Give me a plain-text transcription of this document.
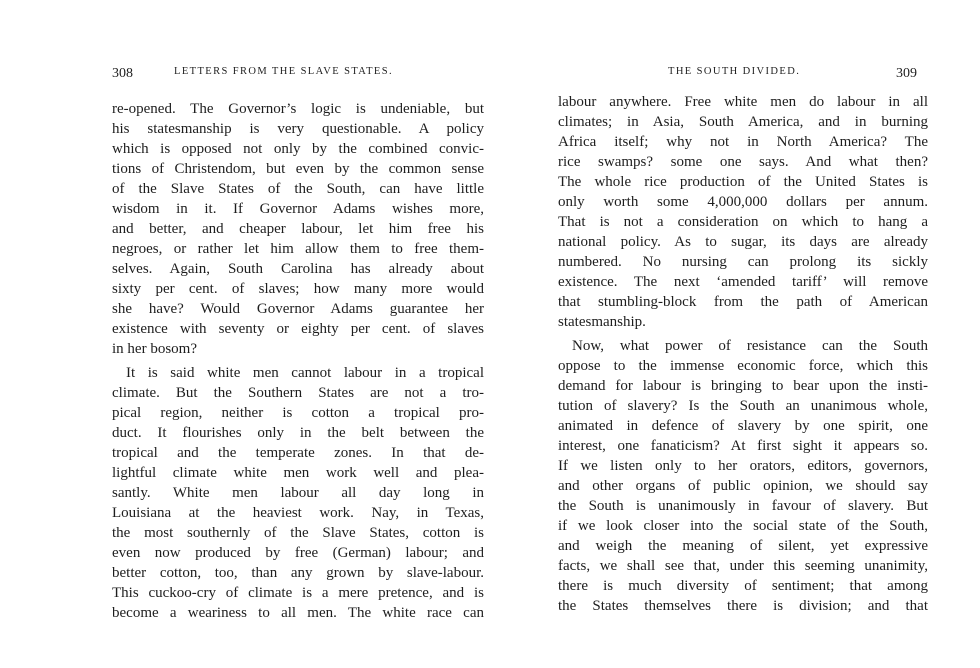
308	LETTERS FROM THE SLAVE STATES.
re-opened. The Governor’s logic is undeniable, but
his statesmanship is very questionable. A policy
which is opposed not only by the combined convic-
tions of Christendom, but even by the common sense
of the Slave States of the South, can have little
wisdom in it. If Governor Adams wishes more,
and better, and cheaper labour, let him free his
negroes, or rather let him allow them to free them-
selves. Again, South Carolina has already about
sixty per cent. of slaves; how many more would
she have? Would Governor Adams guarantee her
existence with seventy or eighty per cent. of slaves
in her bosom?
It is said white men cannot labour in a tropical
climate. But the Southern States are not a tro-
pical region, neither is cotton a tropical pro-
duct. It flourishes only in the belt between the
tropical and the temperate zones. In that de-
lightful climate white men work well and plea-
santly. White men labour all day long in
Louisiana at the heaviest work. Nay, in Texas,
the most southernly of the Slave States, cotton is
even now produced by free (German) labour; and
better cotton, too, than any grown by slave-labour.
This cuckoo-cry of climate is a mere pretence, and is
become a weariness to all men. The white race can
THE SOUTH DIVIDED.	309
labour anywhere. Free white men do labour in all
climates; in Asia, South America, and in burning
Africa itself; why not in North America? The
rice swamps? some one says. And what then?
The whole rice production of the United States is
only worth some 4,000,000 dollars per annum.
That is not a consideration on which to hang a
national policy. As to sugar, its days are already
numbered. No nursing can prolong its sickly
existence. The next ‘amended tariff’ will remove
that stumbling-block from the path of American
statesmanship.
Now, what power of resistance can the South
oppose to the immense economic force, which this
demand for labour is bringing to bear upon the insti-
tution of slavery? Is the South an unanimous whole,
animated in defence of slavery by one spirit, one
interest, one fanaticism? At first sight it appears so.
If we listen only to her orators, editors, governors,
and other organs of public opinion, we should say
the South is unanimously in favour of slavery. But
if we look closer into the social state of the South,
and weigh the meaning of silent, yet expressive
facts, we shall see that, under this seeming unanimity,
there is much diversity of sentiment; that among
the States themselves there is division; and that
